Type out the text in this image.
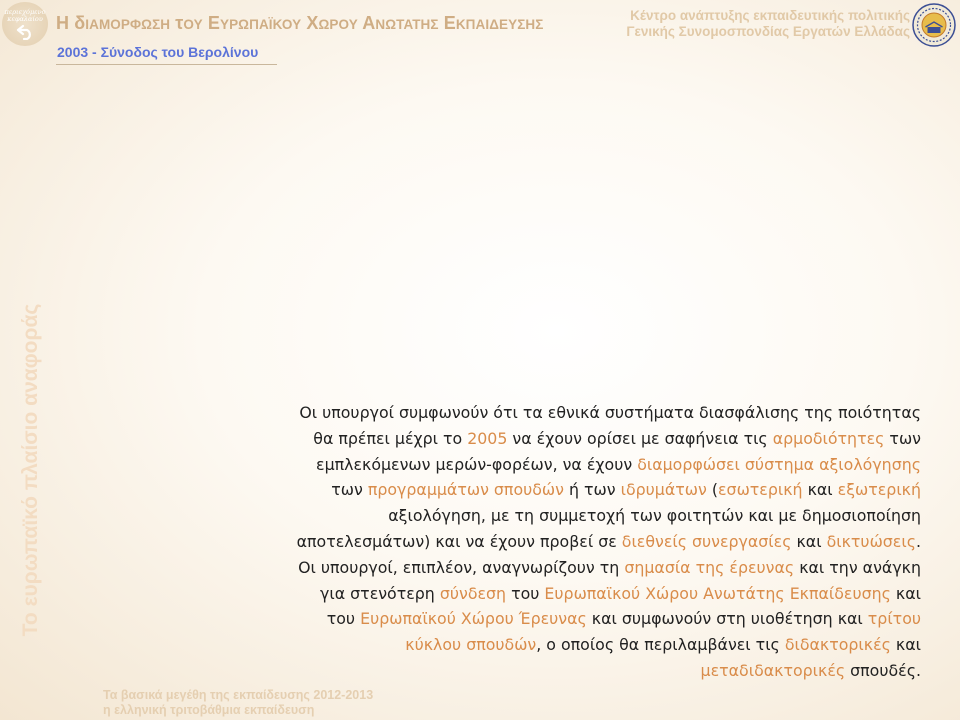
περιεχόμενο κεφαλαίου Η δΙΑΜΟΡΦΩΣΗ τΟΥ ΕΥΡΩΠΑΪΚΟΥ ΧΩΡΟΥ ΑΝΩΤΑΤΗΣ ΕΚΠΑΙΔΕΥΣΗΣ
2003 - Σύνοδος του Βερολίνου
Κέντρο ανάπτυξης εκπαιδευτικής πολιτικής
Γενικής Συνομοσπονδίας Εργατών Ελλάδας
Το ευρωπαϊκό πλαίσιο αναφοράς	Οι υπουργοί συμφωνούν ότι τα εθνικά συστήματα διασφάλισης της ποιότητας
θα πρέπει μέχρι το 2005 να έχουν ορίσει με σαφήνεια τις αρμοδιότητες των
εμπλεκόμενων μερών-φορέων, να έχουν διαμορφώσει σύστημα αξιολόγησης
των προγραμμάτων σπουδών ή των ιδρυμάτων (εσωτερική και εξωτερική
αξιολόγηση, με τη συμμετοχή των φοιτητών και με δημοσιοποίηση
αποτελεσμάτων) και να έχουν προβεί σε διεθνείς συνεργασίες και δικτυώσεις.
Οι υπουργοί, επιπλέον, αναγνωρίζουν τη σημασία της έρευνας και την ανάγκη
για στενότερη σύνδεση του Ευρωπαϊκού Χώρου Ανωτάτης Εκπαίδευσης και
του Ευρωπαϊκού Χώρου Έρευνας και συμφωνούν στη υιοθέτηση και τρίτου
κύκλου σπουδών, ο οποίος θα περιλαμβάνει τις διδακτορικές και
μεταδιδακτορικές σπουδές.
Τα βασικά μεγέθη της εκπαίδευσης 2012-2013
η ελληνική τριτοβάθμια εκπαίδευση
